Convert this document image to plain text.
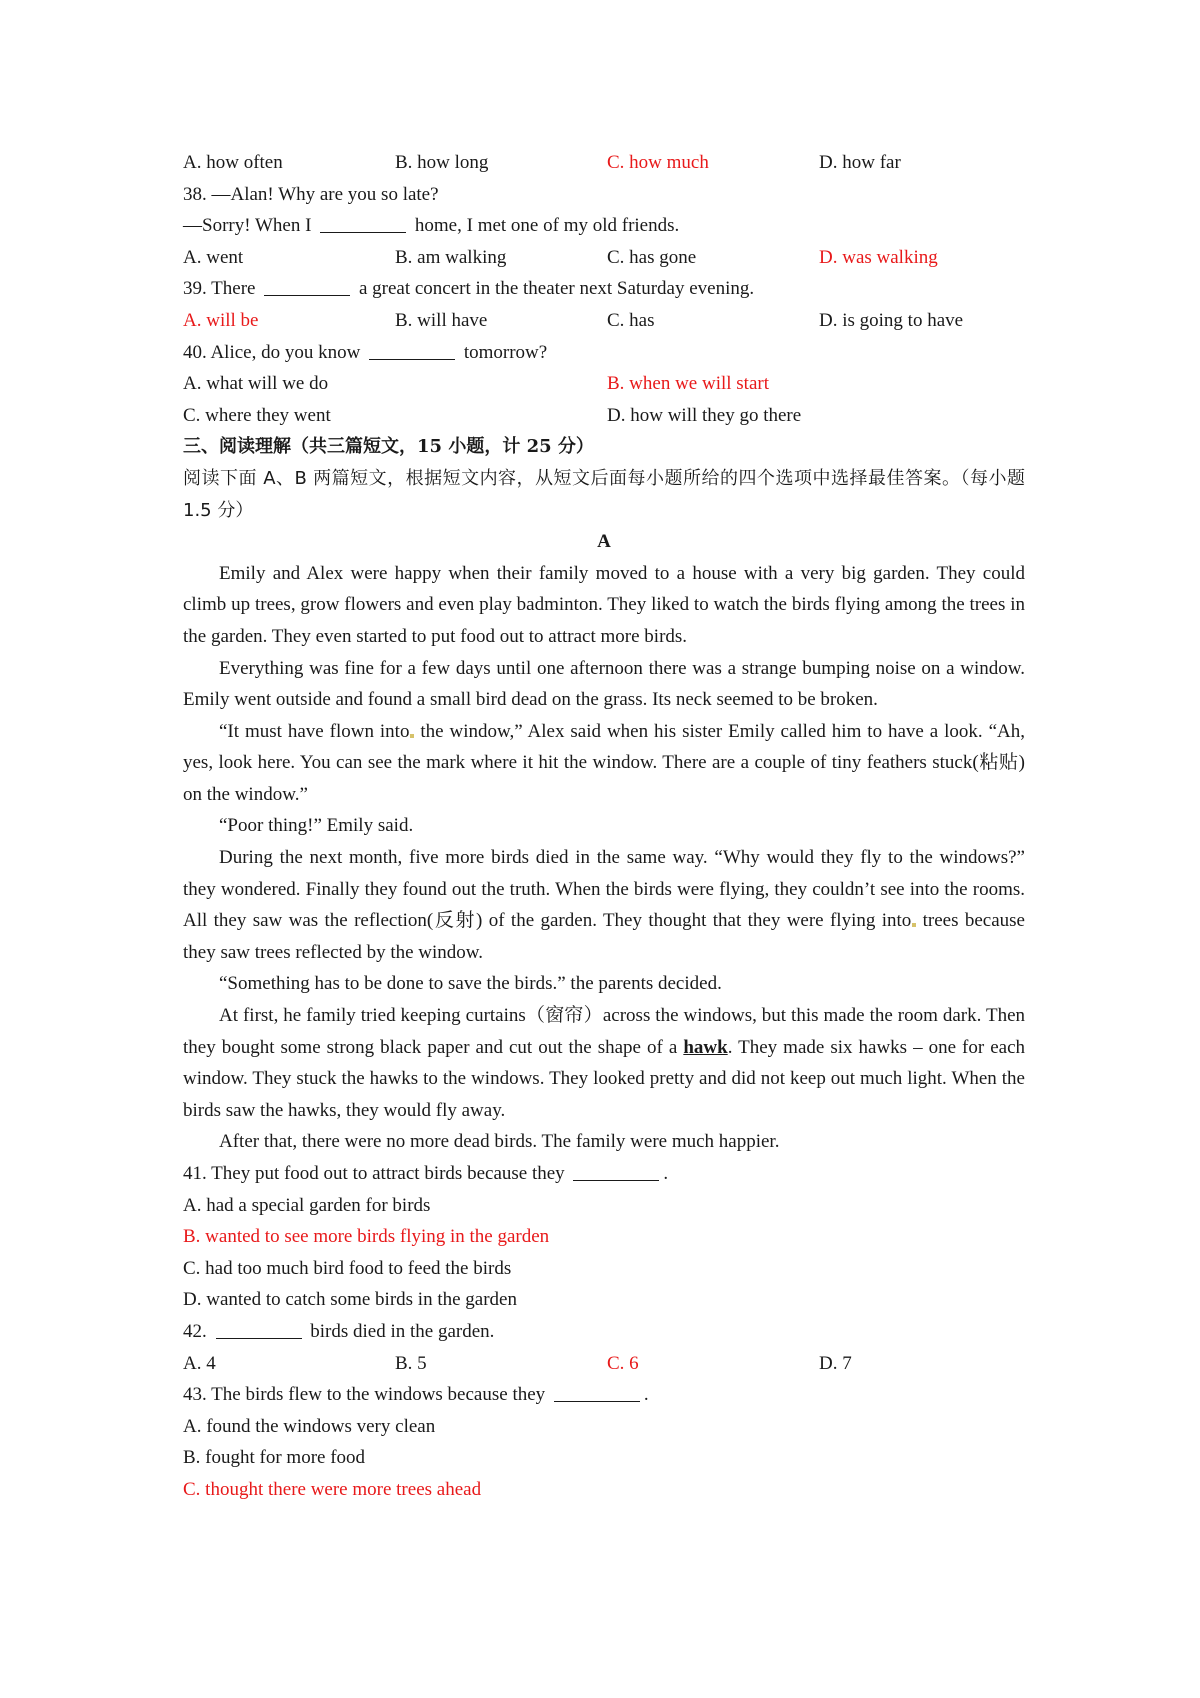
A. how often	B. how long	C. how much	D. how far
38. —Alan! Why are you so late?
—Sorry! When I	home, I met one of my old friends.
A. went	B. am walking	C. has gone	D. was walking
39. There	a great concert in the theater next Saturday evening.
A. will be	B. will have	C. has	D. is going to have
40. Alice, do you know	tomorrow?
A. what will we do	B. when we will start
C. where they went	D. how will they go there
三、阅读理解（共三篇短文，15 小题，计 25 分）
阅读下面 A、B 两篇短文，根据短文内容，从短文后面每小题所给的四个选项中选择最佳答案。（每小题 1.5 分）
A
Emily and Alex were happy when their family moved to a house with a very big garden. They could climb up trees, grow flowers and even play badminton. They liked to watch the birds flying among the trees in the garden. They even started to put food out to attract more birds.
Everything was fine for a few days until one afternoon there was a strange bumping noise on a window. Emily went outside and found a small bird dead on the grass. Its neck seemed to be broken.
“It must have flown into the window,” Alex said when his sister Emily called him to have a look. “Ah, yes, look here. You can see the mark where it hit the window. There are a couple of tiny feathers stuck(粘贴) on the window.”
“Poor thing!” Emily said.
During the next month, five more birds died in the same way. “Why would they fly to the windows?” they wondered. Finally they found out the truth. When the birds were flying, they couldn’t see into the rooms. All they saw was the reflection(反射) of the garden. They thought that they were flying into trees because they saw trees reflected by the window.
“Something has to be done to save the birds.” the parents decided.
At first, he family tried keeping curtains（窗帘）across the windows, but this made the room dark. Then they bought some strong black paper and cut out the shape of a hawk. They made six hawks – one for each window. They stuck the hawks to the windows. They looked pretty and did not keep out much light. When the birds saw the hawks, they would fly away.
After that, there were no more dead birds. The family were much happier.
41. They put food out to attract birds because they	.
A. had a special garden for birds
B. wanted to see more birds flying in the garden
C. had too much bird food to feed the birds
D. wanted to catch some birds in the garden
42.	birds died in the garden.
A. 4	B. 5	C. 6	D. 7
43. The birds flew to the windows because they	.
A. found the windows very clean
B. fought for more food
C. thought there were more trees ahead
